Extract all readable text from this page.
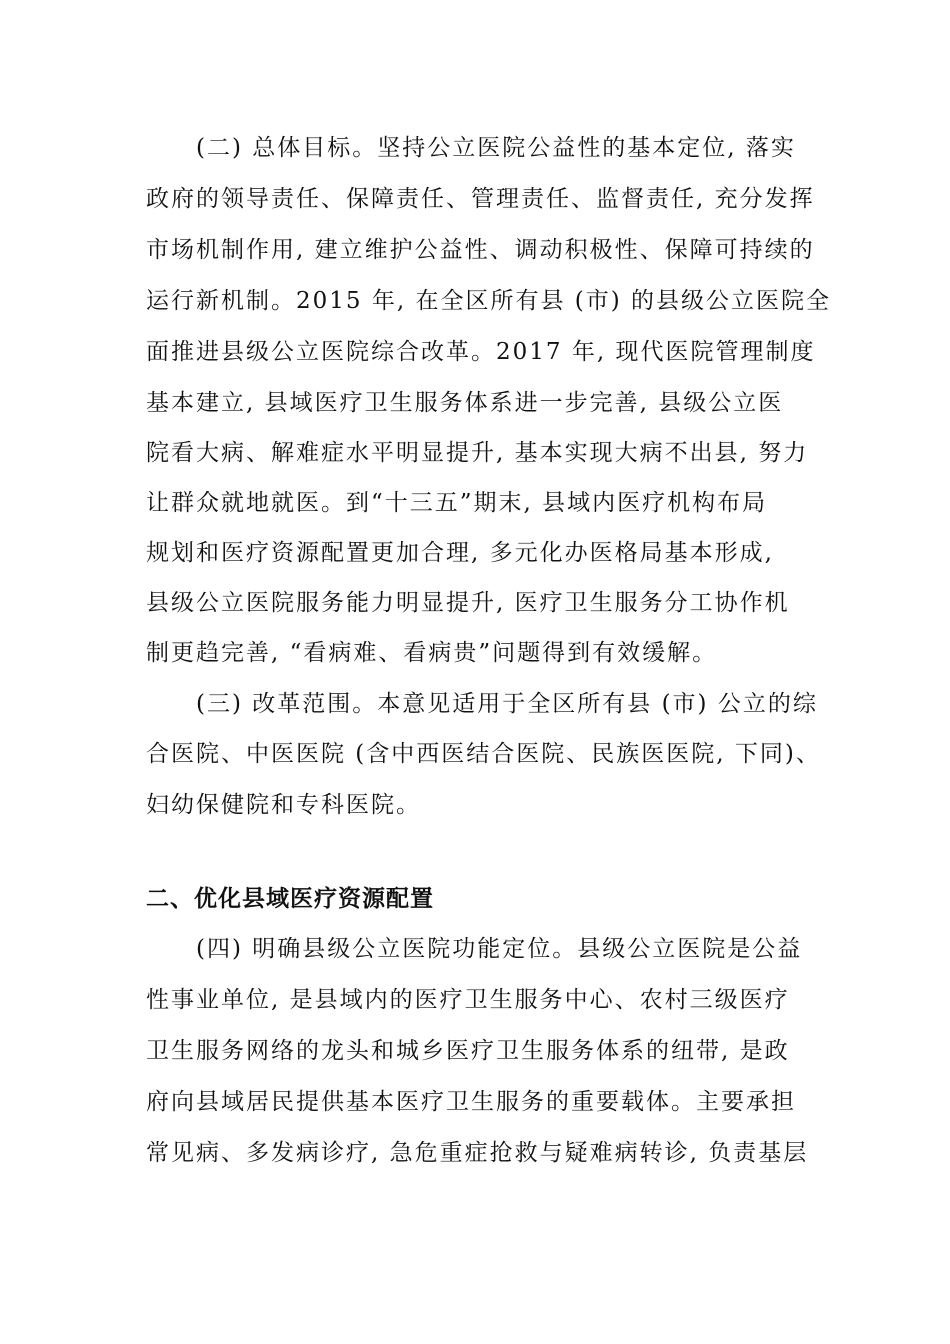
(二) 总体目标。坚持公立医院公益性的基本定位, 落实
政府的领导责任、保障责任、管理责任、监督责任, 充分发挥
市场机制作用, 建立维护公益性、调动积极性、保障可持续的
运行新机制。2015 年, 在全区所有县 (市) 的县级公立医院全
面推进县级公立医院综合改革。2017 年, 现代医院管理制度
基本建立, 县域医疗卫生服务体系进一步完善, 县级公立医
院看大病、解难症水平明显提升, 基本实现大病不出县, 努力
让群众就地就医。到“十三五”期末, 县域内医疗机构布局
规划和医疗资源配置更加合理, 多元化办医格局基本形成,
县级公立医院服务能力明显提升, 医疗卫生服务分工协作机
制更趋完善, “看病难、看病贵”问题得到有效缓解。
(三) 改革范围。本意见适用于全区所有县 (市) 公立的综
合医院、中医医院 (含中西医结合医院、民族医医院, 下同)、
妇幼保健院和专科医院。
二、优化县域医疗资源配置
(四) 明确县级公立医院功能定位。县级公立医院是公益
性事业单位, 是县域内的医疗卫生服务中心、农村三级医疗
卫生服务网络的龙头和城乡医疗卫生服务体系的纽带, 是政
府向县域居民提供基本医疗卫生服务的重要载体。主要承担
常见病、多发病诊疗, 急危重症抢救与疑难病转诊, 负责基层
